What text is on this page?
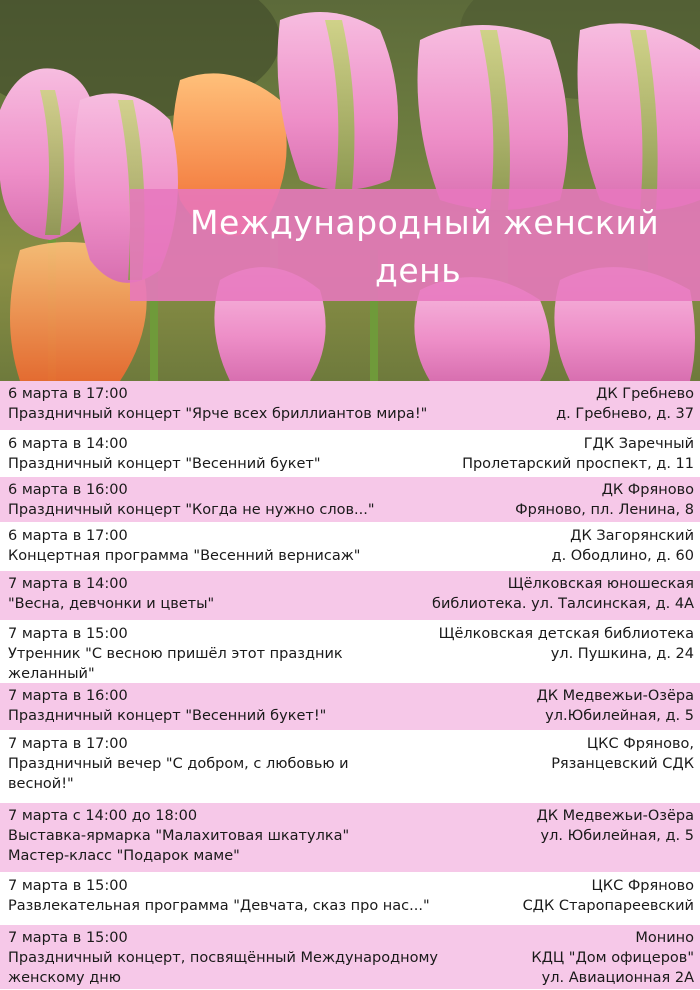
Международный женский
день
6 марта в 17:00
Праздничный концерт "Ярче всех бриллиантов мира!"
ДК Гребнево
д. Гребнево, д. 37
6 марта в 14:00
Праздничный концерт "Весенний букет"
ГДК Заречный
Пролетарский проспект, д. 11
6 марта в 16:00
Праздничный концерт "Когда не нужно слов..."
ДК Фряново
Фряново, пл. Ленина, 8
6 марта в 17:00
Концертная программа "Весенний вернисаж"
ДК Загорянский
д. Ободлино, д. 60
7 марта в 14:00
"Весна, девчонки и цветы"
Щёлковская юношеская
библиотека. ул. Талсинская, д. 4А
7 марта в 15:00
Утренник "С весною пришёл этот праздник
желанный"
Щёлковская детская библиотека
ул. Пушкина, д. 24
7 марта в 16:00
Праздничный концерт "Весенний букет!"
ДК Медвежьи-Озёра
ул.Юбилейная, д. 5
7 марта в 17:00
Праздничный вечер "С добром, с любовью и
весной!"
ЦКС Фряново,
Рязанцевский СДК
7 марта с 14:00 до 18:00
Выставка-ярмарка "Малахитовая шкатулка"
Мастер-класс "Подарок маме"
ДК Медвежьи-Озёра
ул. Юбилейная, д. 5
7 марта в 15:00
Развлекательная программа "Девчата, сказ про нас..."
ЦКС Фряново
СДК Старопареевский
7 марта в 15:00
Праздничный концерт, посвящённый Международному
женскому дню
Монино
КДЦ "Дом офицеров"
ул. Авиационная 2А
